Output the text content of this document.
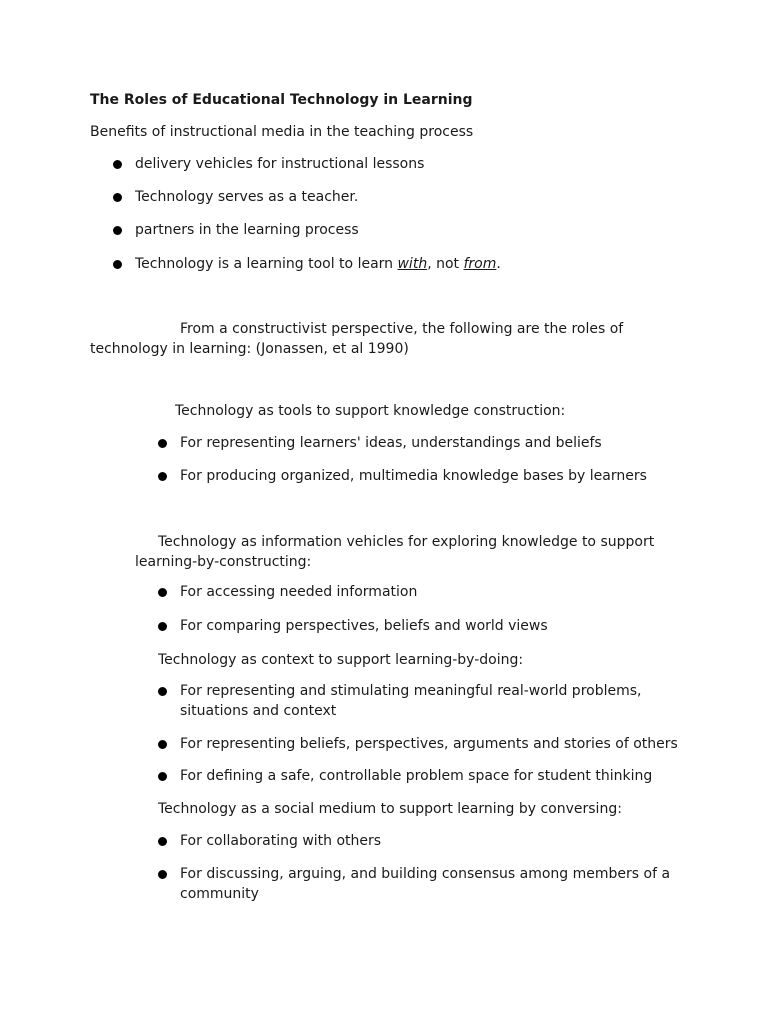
The Roles of Educational Technology in Learning
Benefits of instructional media in the teaching process
delivery vehicles for instructional lessons
Technology serves as a teacher.
partners in the learning process
Technology is a learning tool to learn with, not from.
From a constructivist perspective, the following are the roles of
technology in learning: (Jonassen, et al 1990)
Technology as tools to support knowledge construction:
For representing learners' ideas, understandings and beliefs
For producing organized, multimedia knowledge bases by learners
Technology as information vehicles for exploring knowledge to support
learning-by-constructing:
For accessing needed information
For comparing perspectives, beliefs and world views
Technology as context to support learning-by-doing:
For representing and stimulating meaningful real-world problems,
situations and context
For representing beliefs, perspectives, arguments and stories of others
For defining a safe, controllable problem space for student thinking
Technology as a social medium to support learning by conversing:
For collaborating with others
For discussing, arguing, and building consensus among members of a
community
